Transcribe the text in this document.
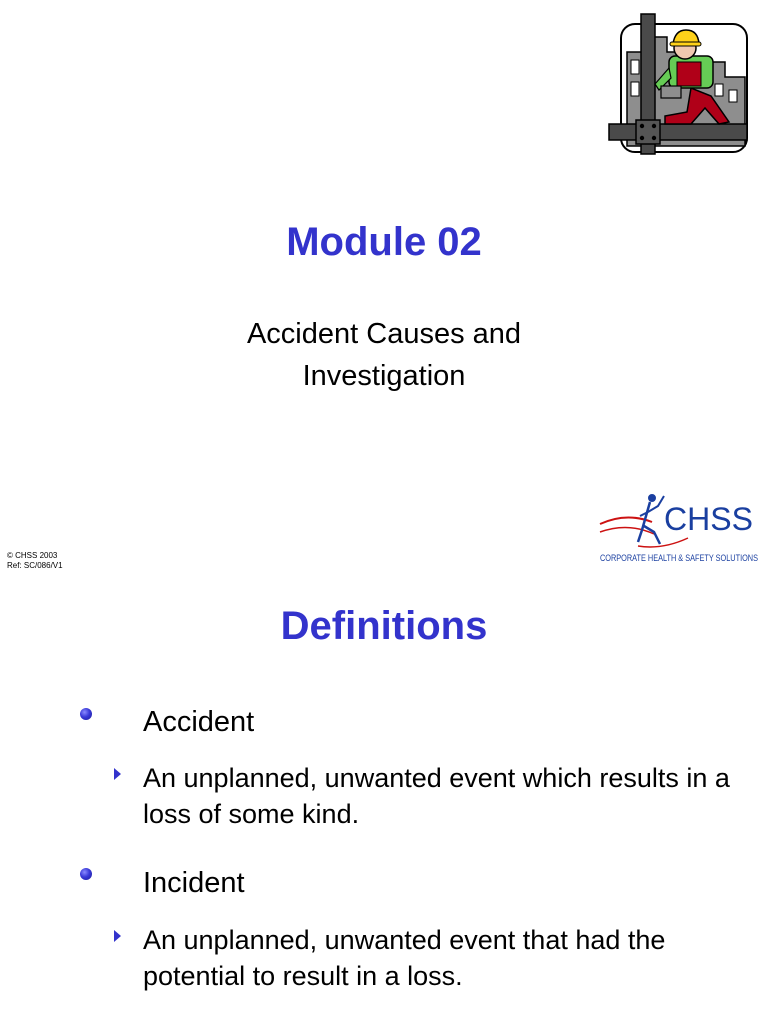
Module 02
Accident Causes and
Investigation
© CHSS 2003
Ref: SC/086/V1
CHSS
CORPORATE HEALTH & SAFETY SOLUTIONS
Definitions
Accident
An unplanned, unwanted event which results in a loss of some kind.
Incident
An unplanned, unwanted event that had the potential to result in a loss.
